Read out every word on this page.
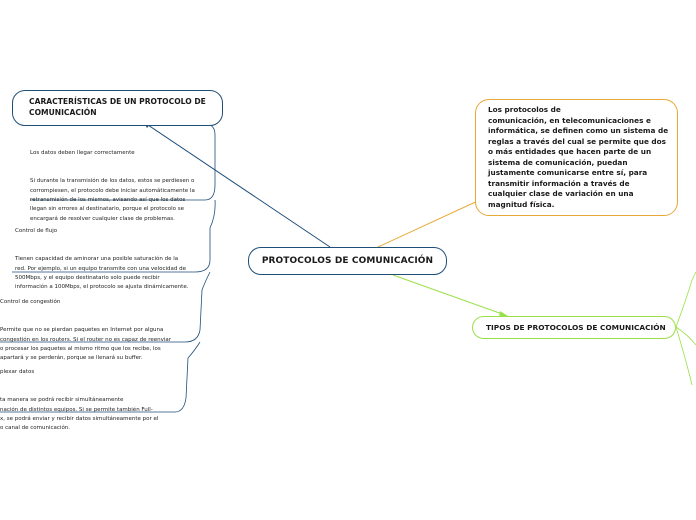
PROTOCOLOS DE COMUNICACIÓN
CARACTERÍSTICAS DE UN PROTOCOLO DE
COMUNICACIÓN	Los protocolos de
comunicación, en telecomunicaciones e
informática, se definen como un sistema de
reglas a través del cual se permite que dos
o más entidades que hacen parte de un
sistema de comunicación, puedan
justamente comunicarse entre sí, para
transmitir información a través de
cualquier clase de variación en una
magnitud física.
TIPOS DE PROTOCOLOS DE COMUNICACIÓN

Los datos deben llegar correctamente

Si durante la transmisión de los datos, estos se perdiesen o
corrompiesen, el protocolo debe iniciar automáticamente la
retransmisión de los mismos, avisando así que los datos
llegan sin errores al destinatario, porque el protocolo se
encargará de resolver cualquier clase de problemas.

Control de flujo

Tienen capacidad de aminorar una posible saturación de la
red. Por ejemplo, si un equipo transmite con una velocidad de
500Mbps, y el equipo destinatario solo puede recibir
información a 100Mbps, el protocolo se ajusta dinámicamente.

Control de congestión

Permite que no se pierdan paquetes en Internet por alguna
congestión en los routers. Si el router no es capaz de reenviar
o procesar los paquetes al mismo ritmo que los recibe, los
apartará y se perderán, porque se llenará su buffer.

plexar datos

ta manera se podrá recibir simultáneamente
nación de distintos equipos. Si se permite también Full-
x, se podrá enviar y recibir datos simultáneamente por el
o canal de comunicación.
